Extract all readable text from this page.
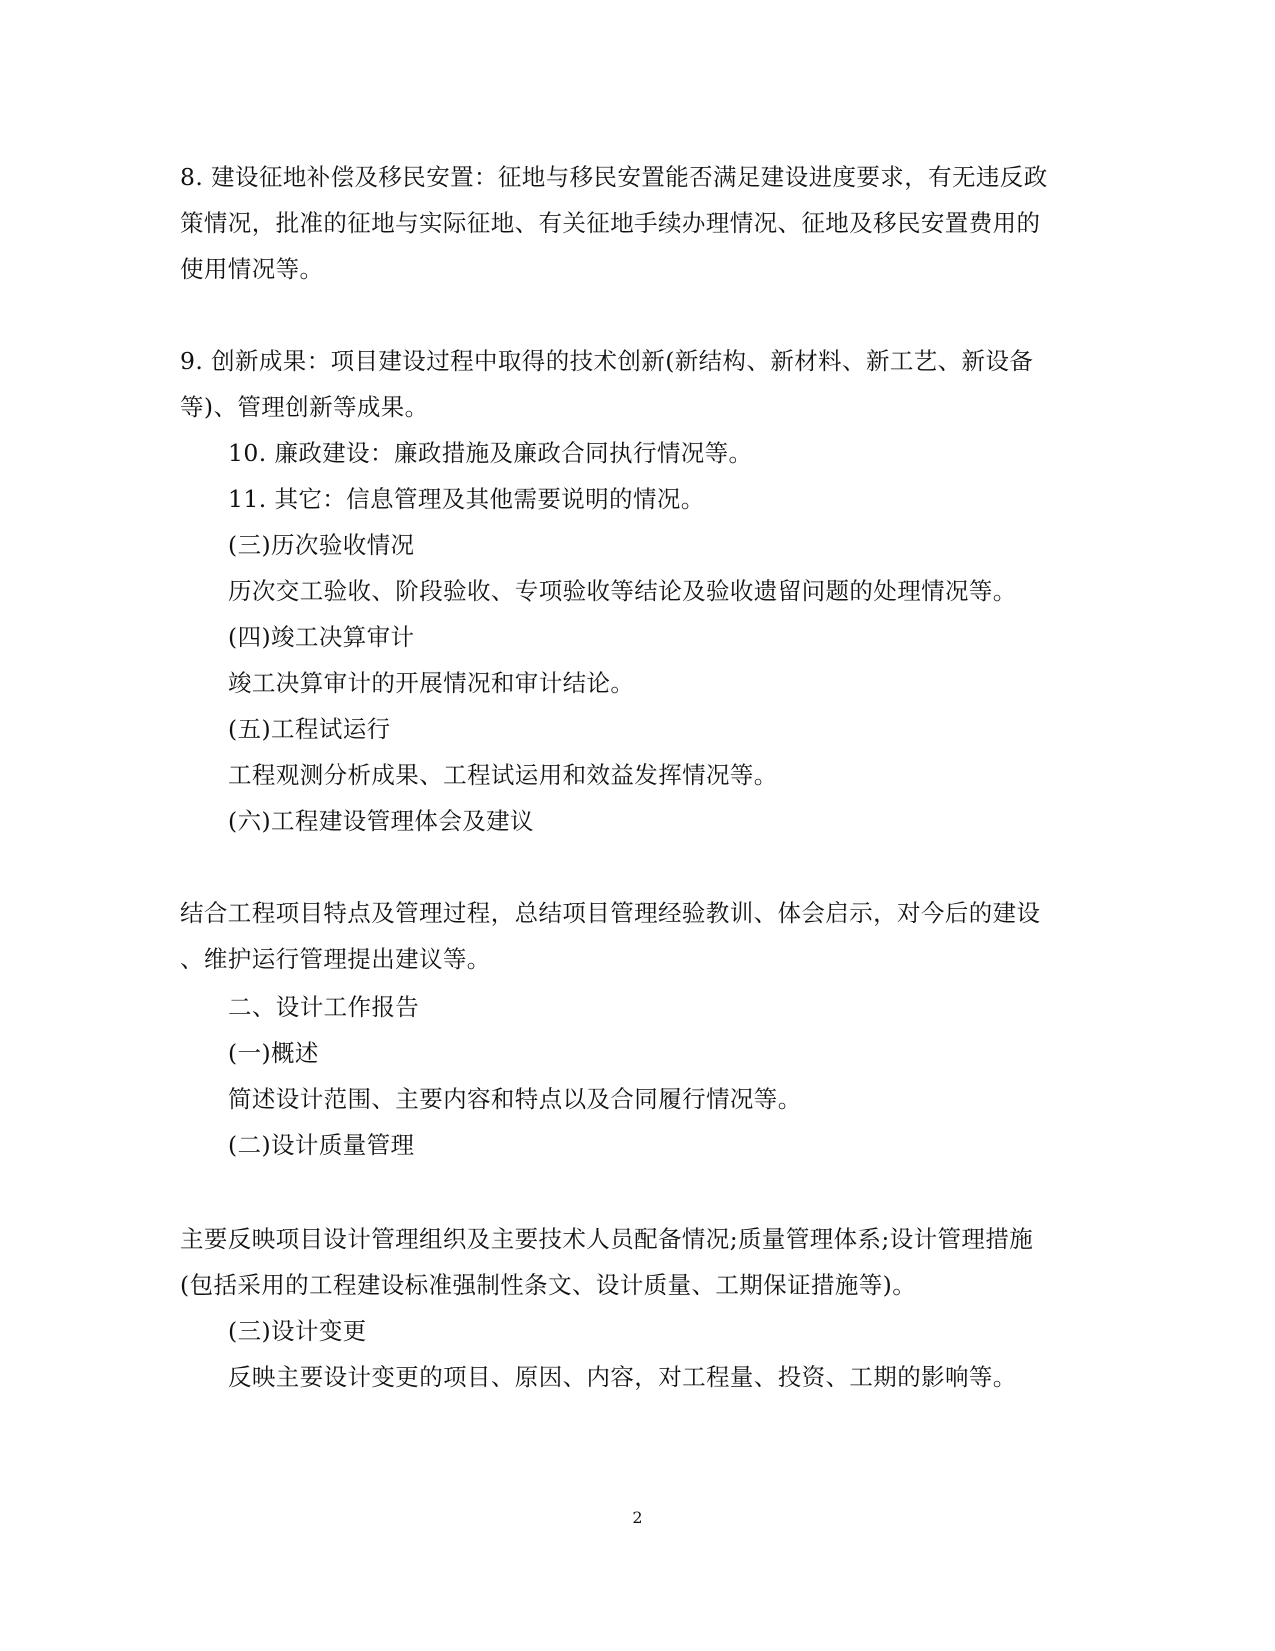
8. 建设征地补偿及移民安置：征地与移民安置能否满足建设进度要求，有无违反政
策情况，批准的征地与实际征地、有关征地手续办理情况、征地及移民安置费用的
使用情况等。
9. 创新成果：项目建设过程中取得的技术创新(新结构、新材料、新工艺、新设备
等)、管理创新等成果。
10. 廉政建设：廉政措施及廉政合同执行情况等。
11. 其它：信息管理及其他需要说明的情况。
(三)历次验收情况
历次交工验收、阶段验收、专项验收等结论及验收遗留问题的处理情况等。
(四)竣工决算审计
竣工决算审计的开展情况和审计结论。
(五)工程试运行
工程观测分析成果、工程试运用和效益发挥情况等。
(六)工程建设管理体会及建议
结合工程项目特点及管理过程，总结项目管理经验教训、体会启示，对今后的建设
、维护运行管理提出建议等。
二、设计工作报告
(一)概述
简述设计范围、主要内容和特点以及合同履行情况等。
(二)设计质量管理
主要反映项目设计管理组织及主要技术人员配备情况;质量管理体系;设计管理措施
(包括采用的工程建设标准强制性条文、设计质量、工期保证措施等)。
(三)设计变更
反映主要设计变更的项目、原因、内容，对工程量、投资、工期的影响等。
2
